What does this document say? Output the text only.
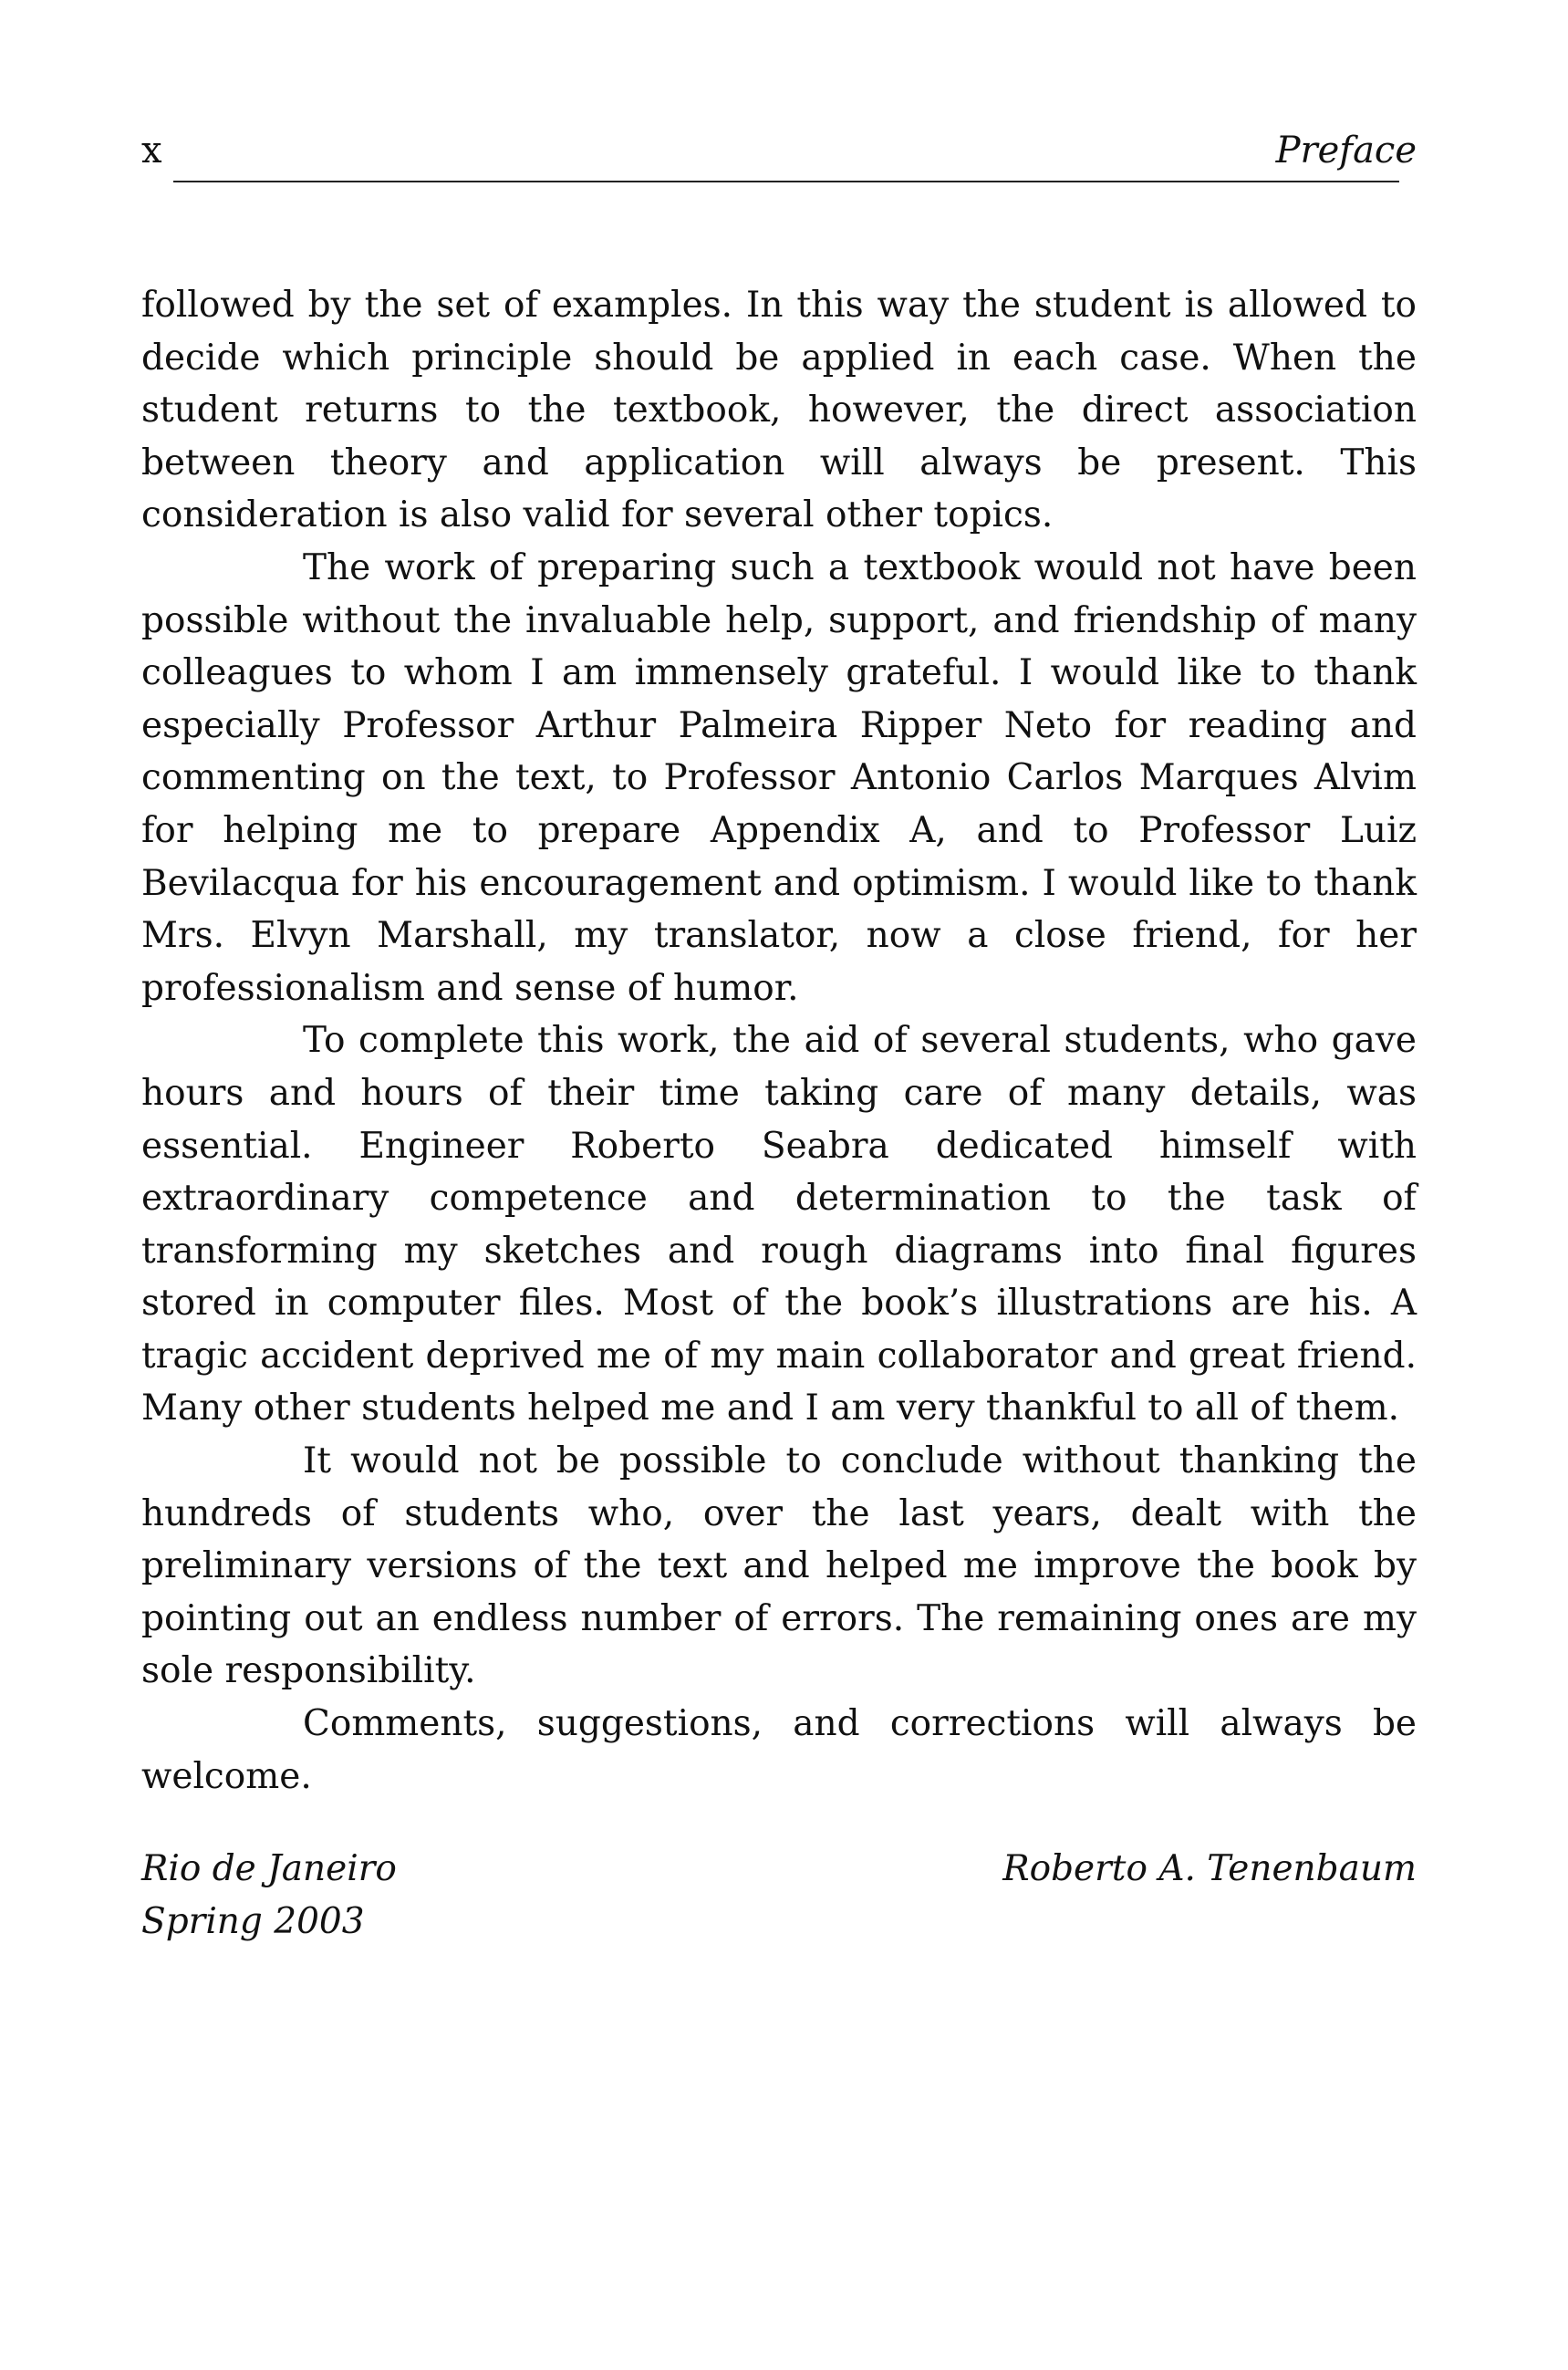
x	Preface

followed by the set of examples. In this way the student is allowed to decide which principle should be applied in each case. When the student returns to the textbook, however, the direct association between theory and application will always be present. This consideration is also valid for several other topics.

The work of preparing such a textbook would not have been possible without the invaluable help, support, and friendship of many colleagues to whom I am immensely grateful. I would like to thank especially Professor Arthur Palmeira Ripper Neto for reading and commenting on the text, to Professor Antonio Carlos Marques Alvim for helping me to prepare Appendix A, and to Professor Luiz Bevilacqua for his encouragement and optimism. I would like to thank Mrs. Elvyn Marshall, my translator, now a close friend, for her professionalism and sense of humor.

To complete this work, the aid of several students, who gave hours and hours of their time taking care of many details, was essential. Engineer Roberto Seabra dedicated himself with extraordinary competence and determination to the task of transforming my sketches and rough diagrams into final figures stored in computer files. Most of the book’s illustrations are his. A tragic accident deprived me of my main collaborator and great friend. Many other students helped me and I am very thankful to all of them.

It would not be possible to conclude without thanking the hundreds of students who, over the last years, dealt with the preliminary versions of the text and helped me improve the book by pointing out an endless number of errors. The remaining ones are my sole responsibility.

Comments, suggestions, and corrections will always be welcome.

Rio de Janeiro
Spring 2003
Roberto A. Tenenbaum
